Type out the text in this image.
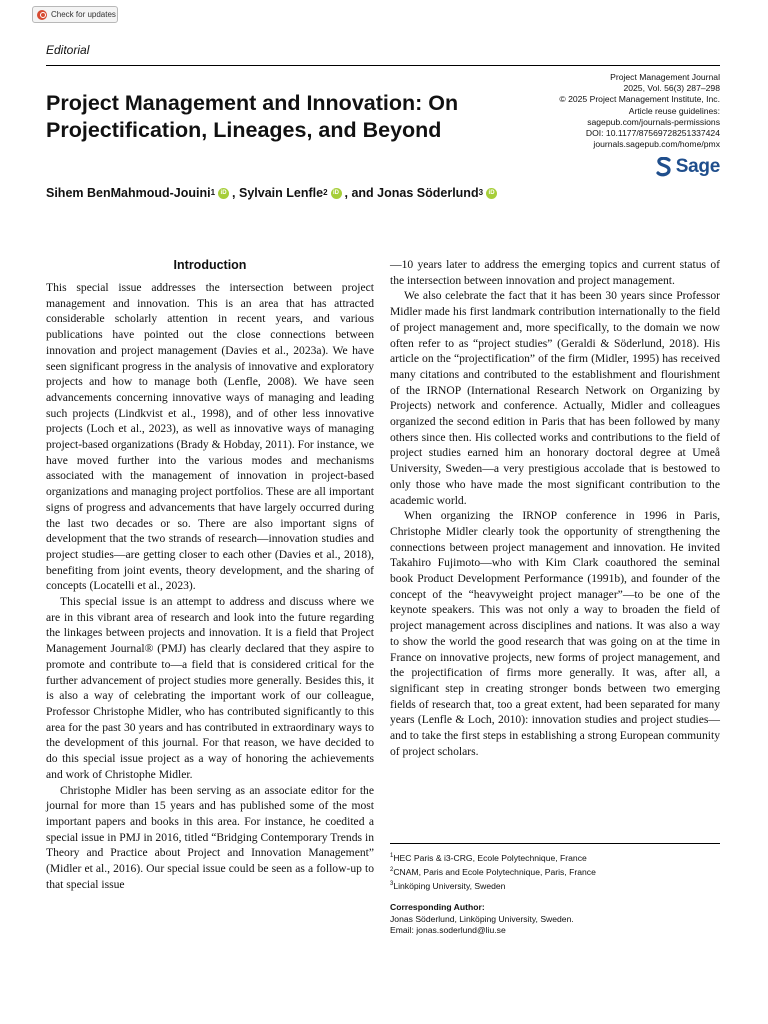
Check for updates
Editorial
Project Management Journal
2025, Vol. 56(3) 287–298
© 2025 Project Management Institute, Inc.
Article reuse guidelines:
sagepub.com/journals-permissions
DOI: 10.1177/87569728251337424
journals.sagepub.com/home/pmx
Sage
Project Management and Innovation: On Projectification, Lineages, and Beyond
Sihem BenMahmoud-Jouini$^1$ iD , Sylvain Lenfle$^2$ iD , and Jonas Söderlund$^3$ iD
Introduction

This special issue addresses the intersection between project management and innovation. This is an area that has attracted considerable scholarly attention in recent years, and various publications have pointed out the close connections between innovation and project management (Davies et al., 2023a). We have seen significant progress in the analysis of innovative and exploratory projects and how to manage both (Lenfle, 2008). We have seen advancements concerning innovative ways of managing and leading such projects (Lindkvist et al., 1998), and of other less innovative projects (Loch et al., 2023), as well as innovative ways of managing project-based organizations (Brady & Hobday, 2011). For instance, we have moved further into the various modes and mechanisms associated with the management of innovation in project-based organizations and managing project portfolios. These are all important signs of progress and advancements that have largely occurred during the last two decades or so. There are also important signs of development that the two strands of research—innovation studies and project studies—are getting closer to each other (Davies et al., 2018), benefiting from joint events, theory development, and the sharing of concepts (Locatelli et al., 2023).

This special issue is an attempt to address and discuss where we are in this vibrant area of research and look into the future regarding the linkages between projects and innovation. It is a field that Project Management Journal® (PMJ) has clearly declared that they aspire to promote and contribute to—a field that is considered critical for the further advancement of project studies more generally. Besides this, it is also a way of celebrating the important work of our colleague, Professor Christophe Midler, who has contributed significantly to this area for the past 30 years and has contributed in extraordinary ways to the development of this journal. For that reason, we have decided to do this special issue project as a way of honoring the achievements and work of Christophe Midler.

Christophe Midler has been serving as an associate editor for the journal for more than 15 years and has published some of the most important papers and books in this area. For instance, he coedited a special issue in PMJ in 2016, titled “Bridging Contemporary Trends in Theory and Practice about Project and Innovation Management” (Midler et al., 2016). Our special issue could be seen as a follow-up to that special issue

—10 years later to address the emerging topics and current status of the intersection between innovation and project management.

We also celebrate the fact that it has been 30 years since Professor Midler made his first landmark contribution internationally to the field of project management and, more specifically, to the domain we now often refer to as “project studies” (Geraldi & Söderlund, 2018). His article on the “projectification” of the firm (Midler, 1995) has received many citations and contributed to the establishment and flourishment of the IRNOP (International Research Network on Organizing by Projects) network and conference. Actually, Midler and colleagues organized the second edition in Paris that has been followed by many others since then. His collected works and contributions to the field of project studies earned him an honorary doctoral degree at Umeå University, Sweden—a very prestigious accolade that is bestowed to only those who have made the most significant contribution to the academic world.

When organizing the IRNOP conference in 1996 in Paris, Christophe Midler clearly took the opportunity of strengthening the connections between project management and innovation. He invited Takahiro Fujimoto—who with Kim Clark coauthored the seminal book Product Development Performance (1991b), and founder of the concept of the “heavyweight project manager”—to be one of the keynote speakers. This was not only a way to broaden the field of project management across disciplines and nations. It was also a way to show the world the good research that was going on at the time in France on innovative projects, new forms of project management, and the projectification of firms more generally. It was, after all, a significant step in creating stronger bonds between two emerging fields of research that, too a great extent, had been separated for many years (Lenfle & Loch, 2010): innovation studies and project studies—and to take the first steps in establishing a strong European community of project scholars.

$^1$HEC Paris & i3-CRG, Ecole Polytechnique, France
$^2$CNAM, Paris and Ecole Polytechnique, Paris, France
$^3$Linköping University, Sweden
Corresponding Author:
Jonas Söderlund, Linköping University, Sweden.
Email: jonas.soderlund@liu.se
